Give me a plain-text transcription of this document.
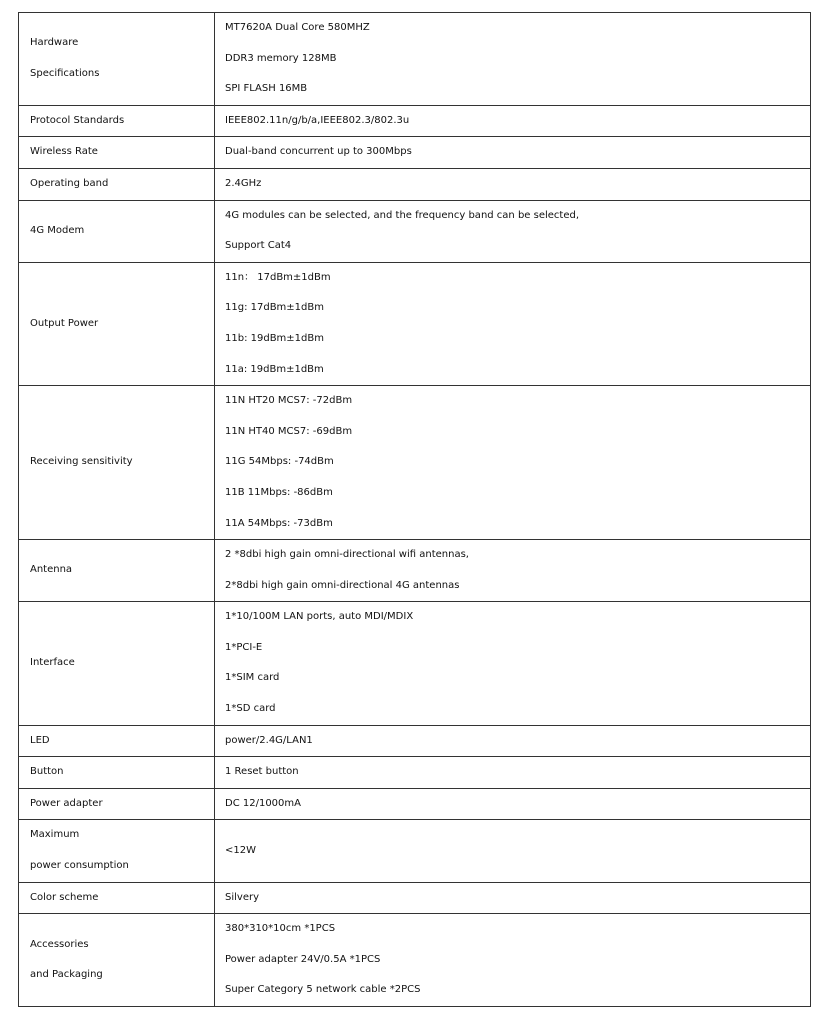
Hardware
Specifications	MT7620A Dual Core 580MHZ
DDR3 memory 128MB
SPI FLASH 16MB

Protocol Standards	IEEE802.11n/g/b/a,IEEE802.3/802.3u

Wireless Rate	Dual-band concurrent up to 300Mbps

Operating band	2.4GHz

4G Modem	4G modules can be selected, and the frequency band can be selected,
Support Cat4

Output Power	11n： 17dBm±1dBm
11g: 17dBm±1dBm
11b: 19dBm±1dBm
11a: 19dBm±1dBm

Receiving sensitivity	11N HT20 MCS7: -72dBm
11N HT40 MCS7: -69dBm
11G 54Mbps: -74dBm
11B 11Mbps: -86dBm
11A 54Mbps: -73dBm

Antenna	2 *8dbi high gain omni-directional wifi antennas,
2*8dbi high gain omni-directional 4G antennas

Interface	1*10/100M LAN ports, auto MDI/MDIX
1*PCI-E
1*SIM card
1*SD card

LED	power/2.4G/LAN1

Button	1 Reset button

Power adapter	DC 12/1000mA

Maximum
power consumption	<12W

Color scheme	Silvery

Accessories
and Packaging	380*310*10cm *1PCS
Power adapter 24V/0.5A *1PCS
Super Category 5 network cable *2PCS
